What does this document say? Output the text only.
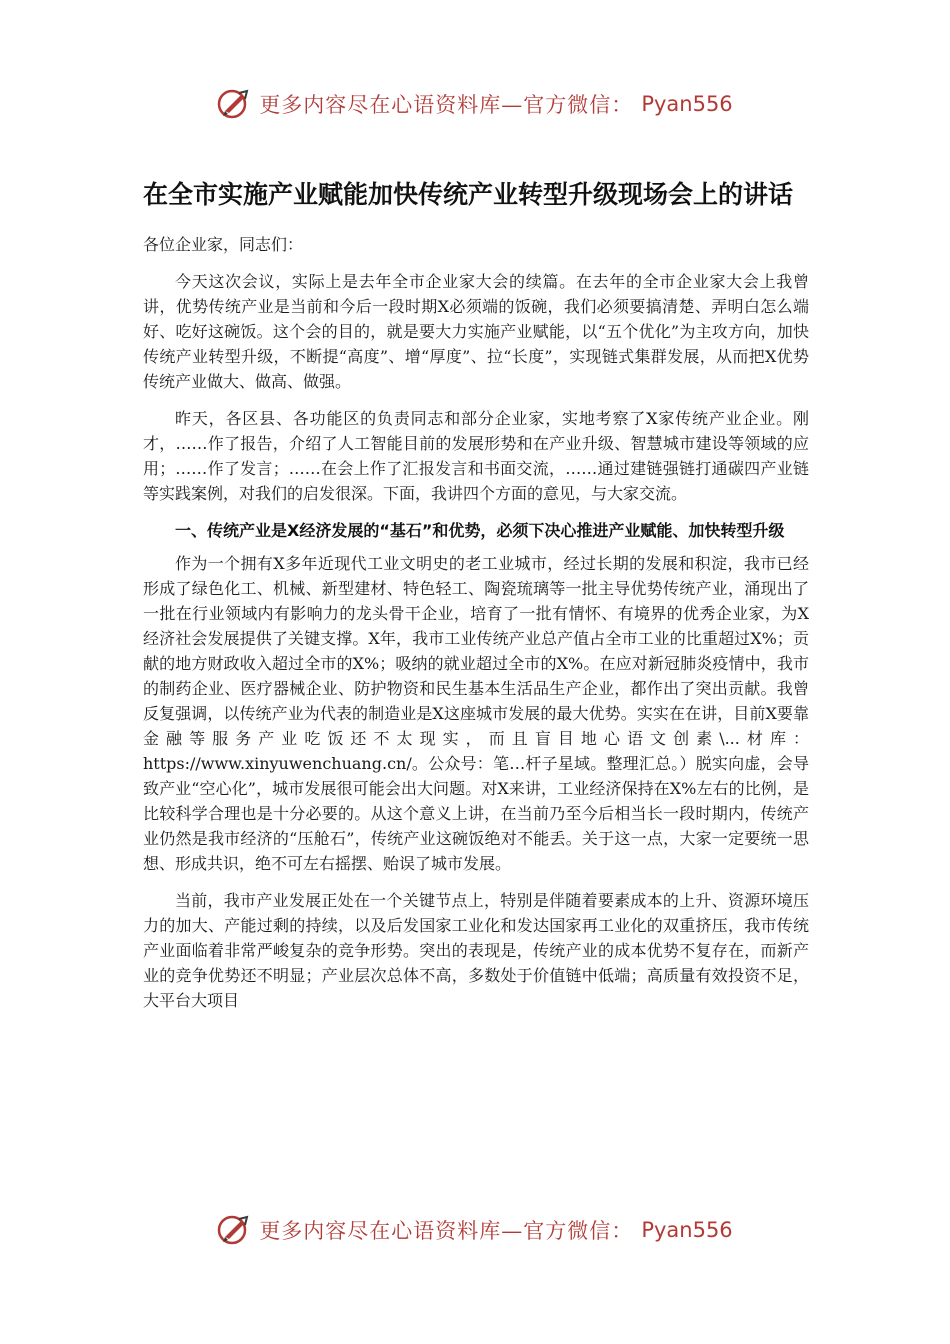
更多内容尽在心语资料库—官方微信： Pyan556
在全市实施产业赋能加快传统产业转型升级现场会上的讲话

各位企业家，同志们：

今天这次会议，实际上是去年全市企业家大会的续篇。在去年的全市企业家大会上我曾讲，优势传统产业是当前和今后一段时期X必须端的饭碗，我们必须要搞清楚、弄明白怎么端好、吃好这碗饭。这个会的目的，就是要大力实施产业赋能，以“五个优化”为主攻方向，加快传统产业转型升级，不断提“高度”、增“厚度”、拉“长度”，实现链式集群发展，从而把X优势传统产业做大、做高、做强。

昨天，各区县、各功能区的负责同志和部分企业家，实地考察了X家传统产业企业。刚才，……作了报告，介绍了人工智能目前的发展形势和在产业升级、智慧城市建设等领域的应用；……作了发言；……在会上作了汇报发言和书面交流，……通过建链强链打通碳四产业链等实践案例，对我们的启发很深。下面，我讲四个方面的意见，与大家交流。

一、传统产业是X经济发展的“基石”和优势，必须下决心推进产业赋能、加快转型升级

作为一个拥有X多年近现代工业文明史的老工业城市，经过长期的发展和积淀，我市已经形成了绿色化工、机械、新型建材、特色轻工、陶瓷琉璃等一批主导优势传统产业，涌现出了一批在行业领域内有影响力的龙头骨干企业，培育了一批有情怀、有境界的优秀企业家，为X经济社会发展提供了关键支撑。X年，我市工业传统产业总产值占全市工业的比重超过X%；贡献的地方财政收入超过全市的X%；吸纳的就业超过全市的X%。在应对新冠肺炎疫情中，我市的制药企业、医疗器械企业、防护物资和民生基本生活品生产企业，都作出了突出贡献。我曾反复强调，以传统产业为代表的制造业是X这座城市发展的最大优势。实实在在讲，目前X要靠金融等服务产业吃饭还不太现实，而且盲目地心语文创素\...材库：https://www.xinyuwenchuang.cn/。公众号：笔…杆子星域。整理汇总。）脱实向虚，会导致产业“空心化”，城市发展很可能会出大问题。对X来讲，工业经济保持在X%左右的比例，是比较科学合理也是十分必要的。从这个意义上讲，在当前乃至今后相当长一段时期内，传统产业仍然是我市经济的“压舱石”，传统产业这碗饭绝对不能丢。关于这一点，大家一定要统一思想、形成共识，绝不可左右摇摆、贻误了城市发展。

当前，我市产业发展正处在一个关键节点上，特别是伴随着要素成本的上升、资源环境压力的加大、产能过剩的持续，以及后发国家工业化和发达国家再工业化的双重挤压，我市传统产业面临着非常严峻复杂的竞争形势。突出的表现是，传统产业的成本优势不复存在，而新产业的竞争优势还不明显；产业层次总体不高，多数处于价值链中低端；高质量有效投资不足，大平台大项目

更多内容尽在心语资料库—官方微信： Pyan556
